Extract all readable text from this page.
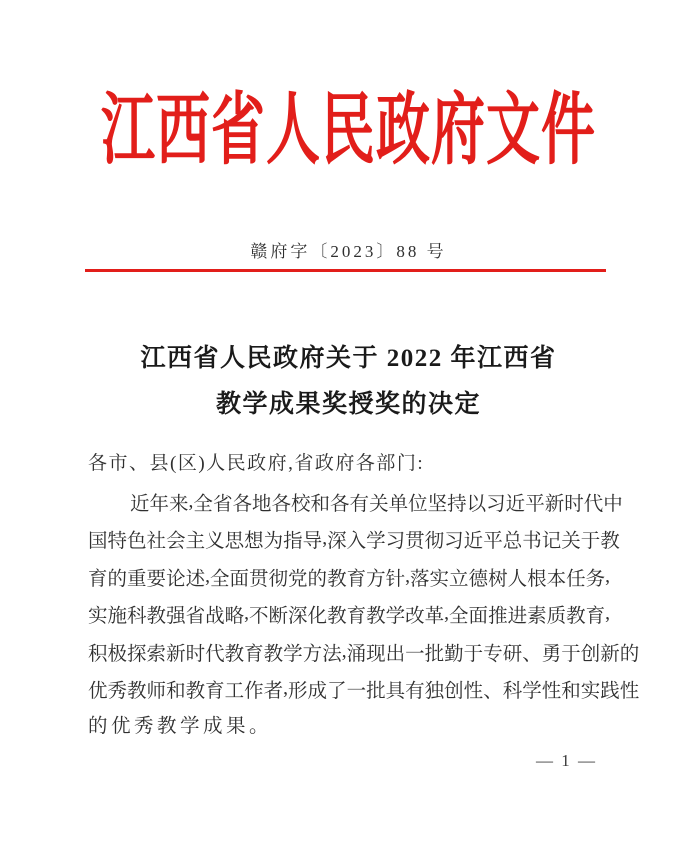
江西省人民政府文件
赣府字〔2023〕88 号
江西省人民政府关于 2022 年江西省
教学成果奖授奖的决定
各市、县(区)人民政府,省政府各部门:
近 年 来 , 全 省 各 地 各 校 和 各 有 关 单 位 坚 持 以 习 近 平 新 时 代 中
国 特 色 社 会 主 义 思 想 为 指 导 , 深 入 学 习 贯 彻 习 近 平 总 书 记 关 于 教
育 的 重 要 论 述 , 全 面 贯 彻 党 的 教 育 方 针 , 落 实 立 德 树 人 根 本 任 务 ,
实 施 科 教 强 省 战 略 , 不 断 深 化 教 育 教 学 改 革 , 全 面 推 进 素 质 教 育 ,
积 极 探 索 新 时 代 教 育 教 学 方 法 , 涌 现 出 一 批 勤 于 专 研 、 勇 于 创 新 的
优 秀 教 师 和 教 育 工 作 者 , 形 成 了 一 批 具 有 独 创 性 、 科 学 性 和 实 践 性
的优秀教学成果。
— 1 —
